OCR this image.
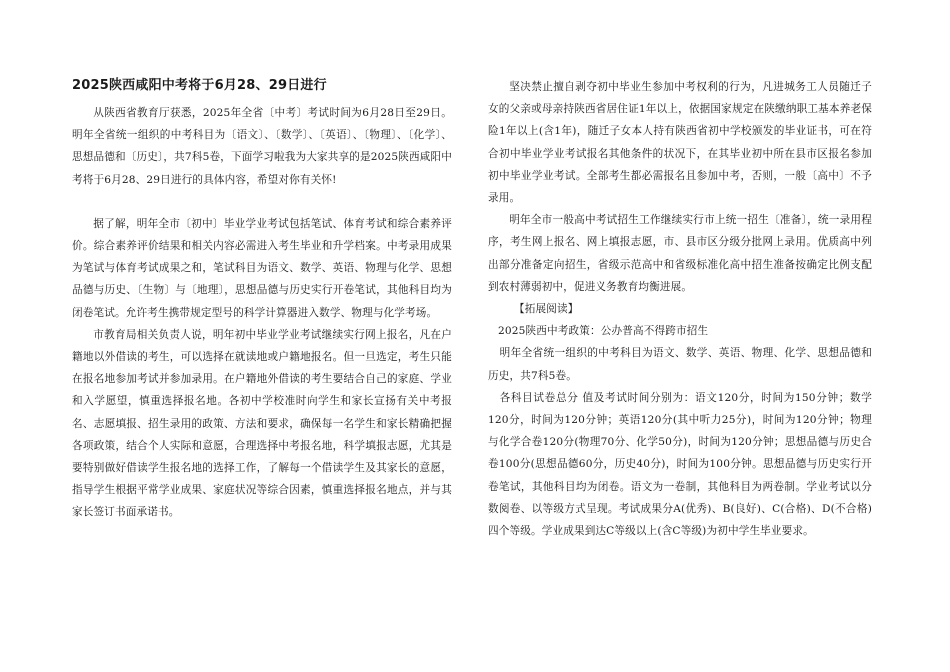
2025陕西咸阳中考将于6月28、29日进行

从陕西省教育厅获悉，2025年全省〔中考〕考试时间为6月28日至29日。明年全省统一组织的中考科目为〔语文〕、〔数学〕、〔英语〕、〔物理〕、〔化学〕、思想品德和〔历史〕，共7科5卷，下面学习啦我为大家共享的是2025陕西咸阳中考将于6月28、29日进行的具体内容，希望对你有关怀!

据了解，明年全市〔初中〕毕业学业考试包括笔试、体育考试和综合素养评价。综合素养评价结果和相关内容必需进入考生毕业和升学档案。中考录用成果为笔试与体育考试成果之和，笔试科目为语文、数学、英语、物理与化学、思想品德与历史、〔生物〕与〔地理〕，思想品德与历史实行开卷笔试，其他科目均为闭卷笔试。允许考生携带规定型号的科学计算器进入数学、物理与化学考场。

市教育局相关负责人说，明年初中毕业学业考试继续实行网上报名，凡在户籍地以外借读的考生，可以选择在就读地或户籍地报名。但一旦选定，考生只能在报名地参加考试并参加录用。在户籍地外借读的考生要结合自己的家庭、学业和入学愿望，慎重选择报名地。各初中学校准时向学生和家长宣扬有关中考报名、志愿填报、招生录用的政策、方法和要求，确保每一名学生和家长精确把握各项政策，结合个人实际和意愿，合理选择中考报名地，科学填报志愿，尤其是要特别做好借读学生报名地的选择工作，了解每一个借读学生及其家长的意愿，指导学生根据平常学业成果、家庭状况等综合因素，慎重选择报名地点，并与其家长签订书面承诺书。

坚决禁止擅自剥夺初中毕业生参加中考权利的行为，凡进城务工人员随迁子女的父亲或母亲持陕西省居住证1年以上，依据国家规定在陕缴纳职工基本养老保险1年以上(含1年)，随迁子女本人持有陕西省初中学校颁发的毕业证书，可在符合初中毕业学业考试报名其他条件的状况下，在其毕业初中所在县市区报名参加初中毕业学业考试。全部考生都必需报名且参加中考，否则，一般〔高中〕不予录用。

明年全市一般高中考试招生工作继续实行市上统一招生〔准备〕，统一录用程序，考生网上报名、网上填报志愿，市、县市区分级分批网上录用。优质高中列出部分准备定向招生，省级示范高中和省级标准化高中招生准备按确定比例支配到农村薄弱初中，促进义务教育均衡进展。

【拓展阅读】

2025陕西中考政策：公办普高不得跨市招生

明年全省统一组织的中考科目为语文、数学、英语、物理、化学、思想品德和历史，共7科5卷。

各科目试卷总分 值及考试时间分别为：语文120分，时间为150分钟；数学120分，时间为120分钟；英语120分(其中听力25分)，时间为120分钟；物理与化学合卷120分(物理70分、化学50分)，时间为120分钟；思想品德与历史合卷100分(思想品德60分，历史40分)，时间为100分钟。思想品德与历史实行开卷笔试，其他科目均为闭卷。语文为一卷制，其他科目为两卷制。学业考试以分数阅卷、以等级方式呈现。考试成果分A(优秀)、B(良好)、C(合格)、D(不合格)四个等级。学业成果到达C等级以上(含C等级)为初中学生毕业要求。
